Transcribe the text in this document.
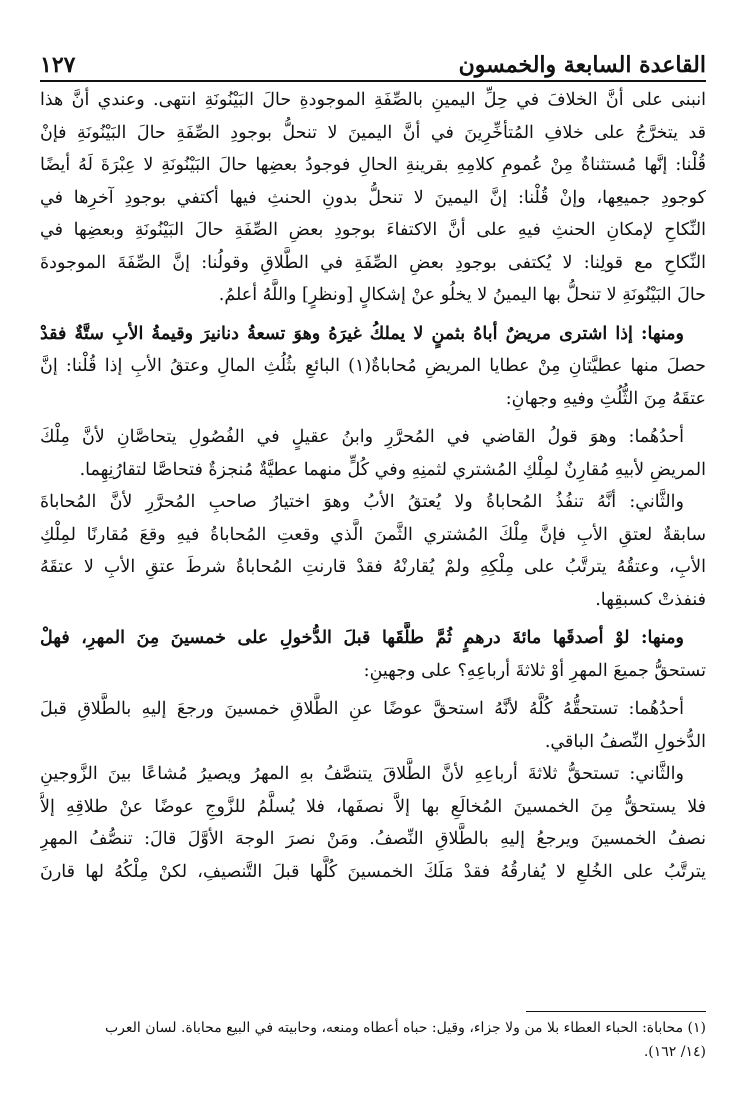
القاعدة السابعة والخمسون
١٢٧
انبنى على أنَّ الخلافَ في حِلِّ اليمينِ بالصِّفَةِ الموجودةِ حالَ البَيْنُونَةِ انتهى. وعندي أنَّ هذا
قد يتخرَّجُ على خلافِ المُتأخِّرِينَ في أنَّ اليمينَ لا تنحلُّ بوجودِ الصِّفَةِ حالَ البَيْنُونَةِ فإنْ
قُلْنا: إنَّها مُستثناةٌ مِنْ عُمومِ كلامِهِ بقرينةِ الحالِ فوجودُ بعضِها حالَ البَيْنُونَةِ لا عِبْرَةَ لَهُ أيضًا
كوجودِ جميعِها، وإنْ قُلْنا: إنَّ اليمينَ لا تنحلُّ بدونِ الحنثِ فيها أكتفي بوجودِ آخرِها في
النِّكاحِ لإمكانِ الحنثِ فيهِ على أنَّ الاكتفاءَ بوجودِ بعضِ الصِّفَةِ حالَ البَيْنُونَةِ وبعضِها في
النِّكاحِ مع قولِنا: لا يُكتفى بوجودِ بعضِ الصِّفَةِ في الطَّلاقِ وقولُنا: إنَّ الصِّفَةَ الموجودةَ
حالَ البَيْنُونَةِ لا تنحلُّ بها اليمينُ لا يخلُو عنْ إشكالٍ [ونظرٍ] واللَّهُ أعلمُ.
ومنها: إذا اشترى مريضٌ أباهُ بثمنٍ لا يملكُ غيرَهُ وهوَ تسعةُ دنانيرَ وقيمةُ الأبِ ستَّةٌ فقدْ
حصلَ منها عطيَّتانِ مِنْ عطايا المريضِ مُحاباةٌ(١) البائعِ بثُلُثِ المالِ وعتقُ الأبِ إذا قُلْنا: إنَّ
عتقَهُ مِنَ الثُّلُثِ وفيهِ وجهانِ:
أحدُهُما: وهوَ قولُ القاضي في المُحرَّرِ وابنُ عقيلٍ في الفُصُولِ يتحاصَّانِ لأنَّ مِلْكَ
المريضِ لأبيهِ مُقارِنٌ لمِلْكِ المُشتري لثمنِهِ وفي كُلٍّ منهما عطيَّةٌ مُنجزةٌ فتحاصَّا لتقارُنِهِما.
والثَّاني: أنَّهُ تنفُذُ المُحاباةُ ولا يُعتقُ الأبُ وهوَ اختيارُ صاحبِ المُحرَّرِ لأنَّ المُحاباةَ
سابقةٌ لعتقِ الأبِ فإنَّ مِلْكَ المُشتري الثَّمنَ الَّذي وقعتِ المُحاباةُ فيهِ وقعَ مُقارنًا لمِلْكِ
الأبِ، وعتقُهُ يترتَّبُ على مِلْكِهِ ولمْ يُقارنْهُ فقدْ قارنتِ المُحاباةُ شرطَ عتقِ الأبِ لا عتقَهُ
فنفذتْ كسبقِها.
ومنها: لوْ أصدقَها مائةَ درهمٍ ثُمَّ طلَّقَها قبلَ الدُّخولِ على خمسينَ مِنَ المهرِ، فهلْ
تستحقُّ جميعَ المهرِ أوْ ثلاثةَ أرباعِهِ؟ على وجهينِ:
أحدُهُما: تستحقُّهُ كُلَّهُ لأنَّهُ استحقَّ عوضًا عنِ الطَّلاقِ خمسينَ ورجعَ إليهِ بالطَّلاقِ قبلَ
الدُّخولِ النِّصفُ الباقي.
والثَّاني: تستحقُّ ثلاثةَ أرباعِهِ لأنَّ الطَّلاقَ يتنصَّفُ بهِ المهرُ ويصيرُ مُشاعًا بينَ الزَّوجينِ
فلا يستحقُّ مِنَ الخمسينَ المُخالَعِ بها إلاَّ نصفَها، فلا يُسلَّمُ للزَّوجِ عوضًا عنْ طلاقِهِ إلاَّ
نصفُ الخمسينَ ويرجعُ إليهِ بالطَّلاقِ النِّصفُ. ومَنْ نصرَ الوجهَ الأوَّلَ قالَ: تنصُّفُ المهرِ
يترتَّبُ على الخُلعِ لا يُفارقُهُ فقدْ مَلَكَ الخمسينَ كُلَّها قبلَ التَّنصيفِ، لكنْ مِلْكُهُ لها قارنَ
(١) محاباة: الحباء العطاء بلا من ولا جزاء، وقيل: حباه أعطاه ومنعه، وحابيته في البيع محاباة. لسان العرب
(١٤/ ١٦٢).
